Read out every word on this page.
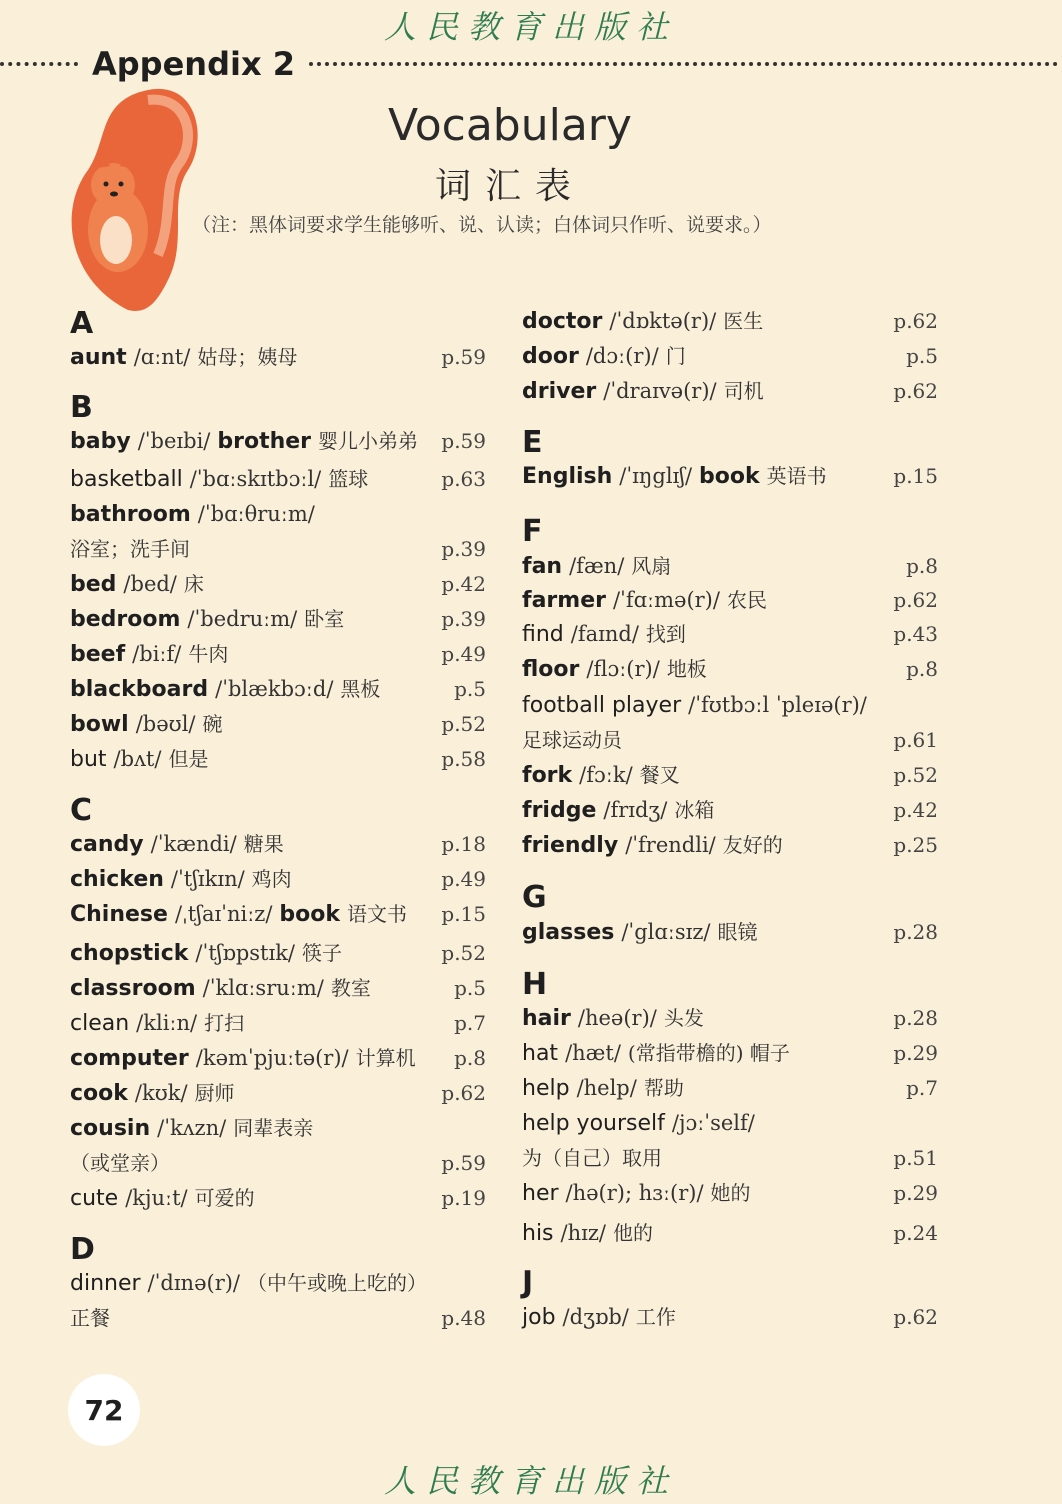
人民教育出版社
Appendix 2
Vocabulary
词汇表
（注：黑体词要求学生能够听、说、认读；白体词只作听、说要求。）
A
aunt /ɑːnt/ 姑母；姨母	p.59
B
baby /ˈbeɪbi/ brother 婴儿小弟弟 p.59
basketball /ˈbɑːskɪtbɔːl/ 篮球	p.63
bathroom /ˈbɑːθruːm/
浴室；洗手间	p.39
bed /bed/ 床	p.42
bedroom /ˈbedruːm/ 卧室	p.39
beef /biːf/ 牛肉	p.49
blackboard /ˈblækbɔːd/ 黑板	p.5
bowl /bəʊl/ 碗	p.52
but /bʌt/ 但是	p.58
C
candy /ˈkændi/ 糖果	p.18
chicken /ˈtʃɪkɪn/ 鸡肉	p.49
Chinese /ˌtʃaɪˈniːz/ book 语文书 p.15
chopstick /ˈtʃɒpstɪk/ 筷子	p.52
classroom /ˈklɑːsruːm/ 教室	p.5
clean /kliːn/ 打扫	p.7
computer /kəmˈpjuːtə(r)/ 计算机 p.8
cook /kʊk/ 厨师	p.62
cousin /ˈkʌzn/ 同辈表亲
（或堂亲）	p.59
cute /kjuːt/ 可爱的	p.19
D
dinner /ˈdɪnə(r)/ （中午或晚上吃的）
正餐	p.48
doctor /ˈdɒktə(r)/ 医生	p.62
door /dɔː(r)/ 门	p.5
driver /ˈdraɪvə(r)/ 司机	p.62
E
English /ˈɪŋglɪʃ/ book 英语书	p.15
F
fan /fæn/ 风扇	p.8
farmer /ˈfɑːmə(r)/ 农民	p.62
find /faɪnd/ 找到	p.43
floor /flɔː(r)/ 地板	p.8
football player /ˈfʊtbɔːl ˈpleɪə(r)/
足球运动员	p.61
fork /fɔːk/ 餐叉	p.52
fridge /frɪdʒ/ 冰箱	p.42
friendly /ˈfrendli/ 友好的	p.25
G
glasses /ˈglɑːsɪz/ 眼镜	p.28
H
hair /heə(r)/ 头发	p.28
hat /hæt/ (常指带檐的) 帽子	p.29
help /help/ 帮助	p.7
help yourself /jɔːˈself/
为（自己）取用	p.51
her /hə(r); hɜː(r)/ 她的	p.29
his /hɪz/ 他的	p.24
J
job /dʒɒb/ 工作	p.62
72
人民教育出版社
